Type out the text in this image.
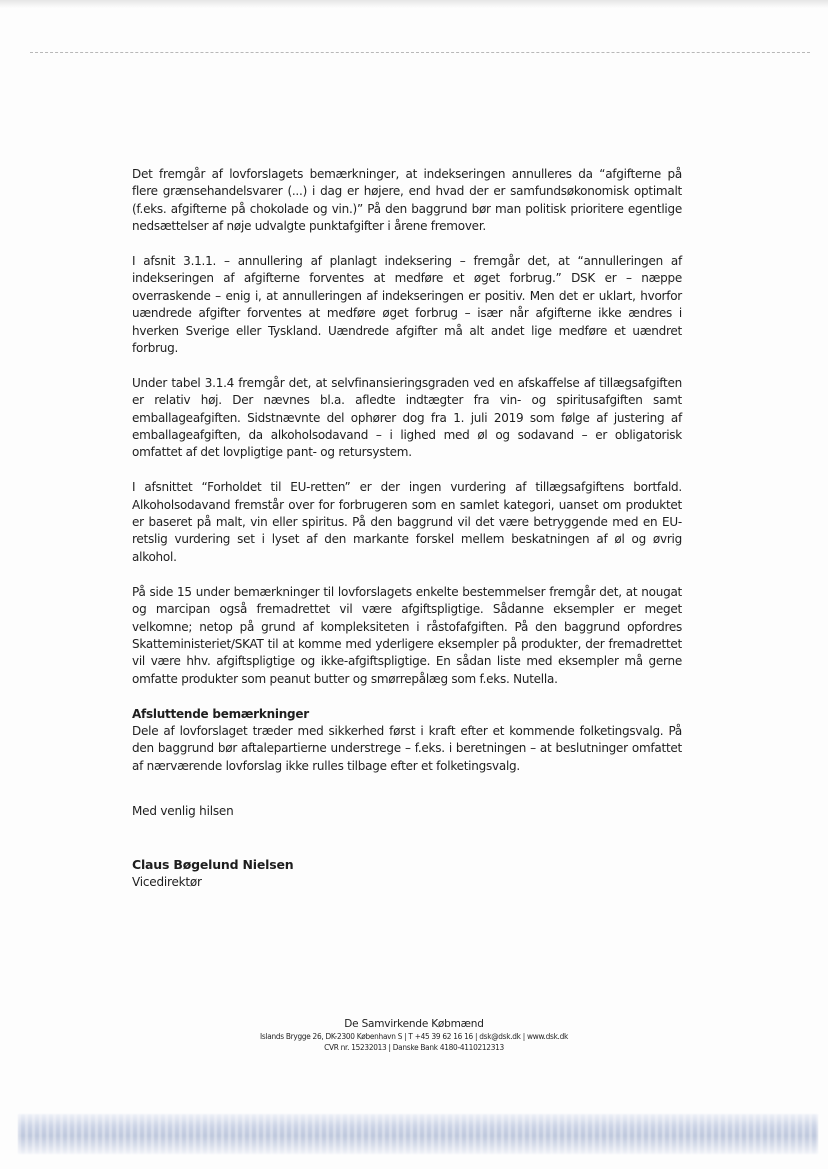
Det fremgår af lovforslagets bemærkninger, at indekseringen annulleres da “afgifterne på flere grænsehandelsvarer (...) i dag er højere, end hvad der er samfundsøkonomisk optimalt (f.eks. afgifterne på chokolade og vin.)” På den baggrund bør man politisk prioritere egentlige nedsættelser af nøje udvalgte punktafgifter i årene fremover.

I afsnit 3.1.1. – annullering af planlagt indeksering – fremgår det, at “annulleringen af indekseringen af afgifterne forventes at medføre et øget forbrug.” DSK er – næppe overraskende – enig i, at annulleringen af indekseringen er positiv. Men det er uklart, hvorfor uændrede afgifter forventes at medføre øget forbrug – især når afgifterne ikke ændres i hverken Sverige eller Tyskland. Uændrede afgifter må alt andet lige medføre et uændret forbrug.

Under tabel 3.1.4 fremgår det, at selvfinansieringsgraden ved en afskaffelse af tillægsafgiften er relativ høj. Der nævnes bl.a. afledte indtægter fra vin- og spiritusafgiften samt emballageafgiften. Sidstnævnte del ophører dog fra 1. juli 2019 som følge af justering af emballageafgiften, da alkoholsodavand – i lighed med øl og sodavand – er obligatorisk omfattet af det lovpligtige pant- og retursystem.

I afsnittet “Forholdet til EU-retten” er der ingen vurdering af tillægsafgiftens bortfald. Alkoholsodavand fremstår over for forbrugeren som en samlet kategori, uanset om produktet er baseret på malt, vin eller spiritus. På den baggrund vil det være betryggende med en EU-retslig vurdering set i lyset af den markante forskel mellem beskatningen af øl og øvrig alkohol.

På side 15 under bemærkninger til lovforslagets enkelte bestemmelser fremgår det, at nougat og marcipan også fremadrettet vil være afgiftspligtige. Sådanne eksempler er meget velkomne; netop på grund af kompleksiteten i råstofafgiften. På den baggrund opfordres Skatteministeriet/SKAT til at komme med yderligere eksempler på produkter, der fremadrettet vil være hhv. afgiftspligtige og ikke-afgiftspligtige. En sådan liste med eksempler må gerne omfatte produkter som peanut butter og smørrepålæg som f.eks. Nutella.

Afsluttende bemærkninger

Dele af lovforslaget træder med sikkerhed først i kraft efter et kommende folketingsvalg. På den baggrund bør aftalepartierne understrege – f.eks. i beretningen – at beslutninger omfattet af nærværende lovforslag ikke rulles tilbage efter et folketingsvalg.

Med venlig hilsen
Claus Bøgelund Nielsen
Vicedirektør
De Samvirkende Købmænd
Islands Brygge 26, DK-2300 København S | T +45 39 62 16 16 | dsk@dsk.dk | www.dsk.dk
CVR nr. 15232013 | Danske Bank 4180-4110212313
